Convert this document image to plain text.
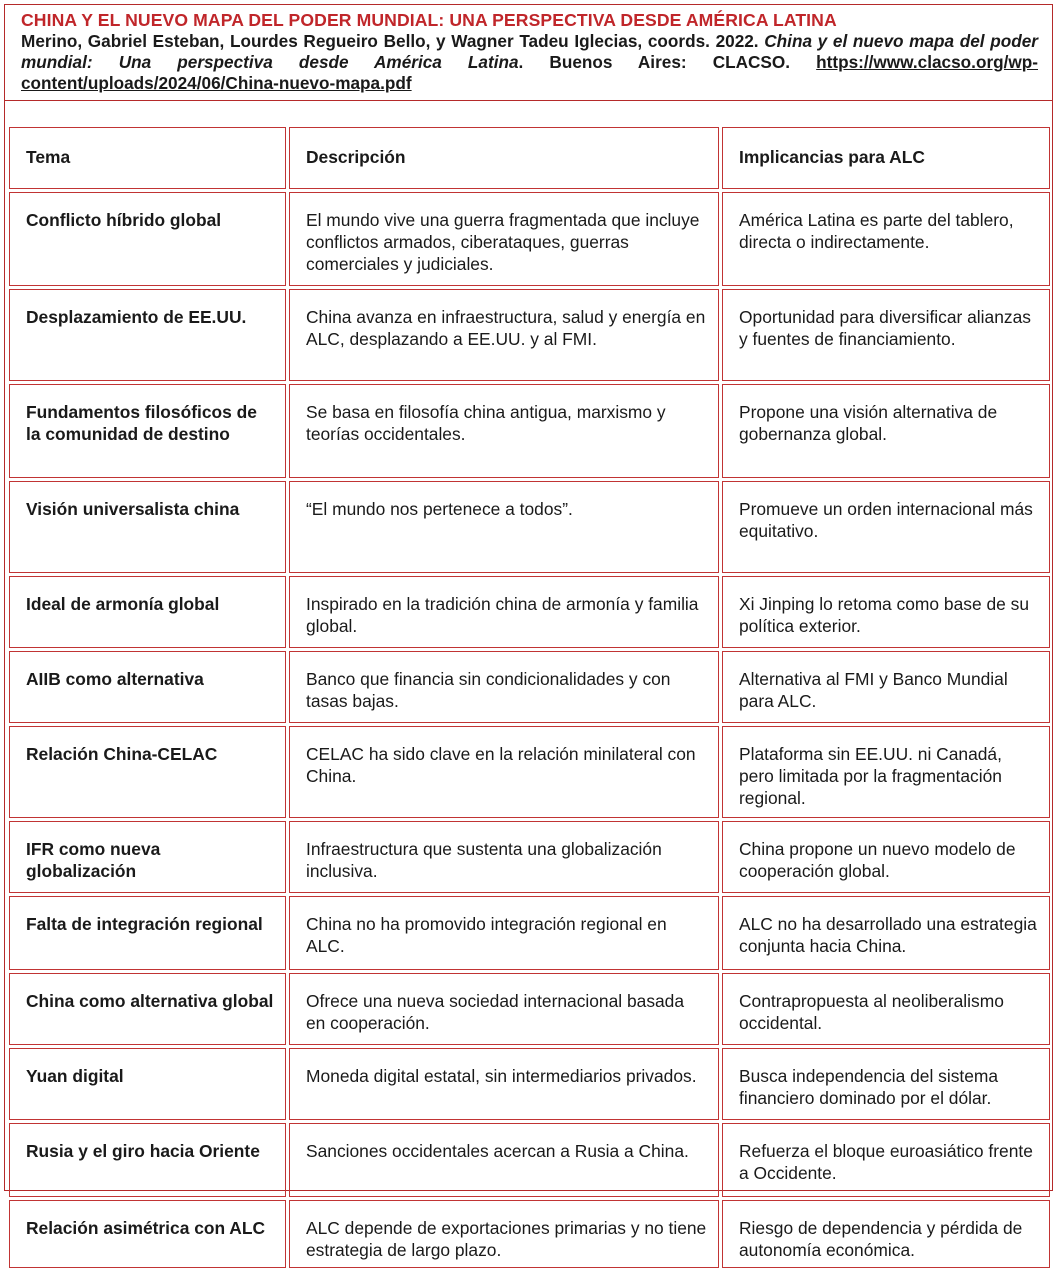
CHINA Y EL NUEVO MAPA DEL PODER MUNDIAL: UNA PERSPECTIVA DESDE AMÉRICA LATINA
Merino, Gabriel Esteban, Lourdes Regueiro Bello, y Wagner Tadeu Iglecias, coords. 2022. China y el nuevo mapa del poder mundial: Una perspectiva desde América Latina. Buenos Aires: CLACSO. https://www.clacso.org/wp-content/uploads/2024/06/China-nuevo-mapa.pdf
Tema	Descripción	Implicancias para ALC
Conflicto híbrido global	El mundo vive una guerra fragmentada que incluye conflictos armados, ciberataques, guerras comerciales y judiciales.	América Latina es parte del tablero, directa o indirectamente.
Desplazamiento de EE.UU.	China avanza en infraestructura, salud y energía en ALC, desplazando a EE.UU. y al FMI.	Oportunidad para diversificar alianzas y fuentes de financiamiento.
Fundamentos filosóficos de la comunidad de destino	Se basa en filosofía china antigua, marxismo y teorías occidentales.	Propone una visión alternativa de gobernanza global.
Visión universalista china	“El mundo nos pertenece a todos”.	Promueve un orden internacional más equitativo.
Ideal de armonía global	Inspirado en la tradición china de armonía y familia global.	Xi Jinping lo retoma como base de su política exterior.
AIIB como alternativa	Banco que financia sin condicionalidades y con tasas bajas.	Alternativa al FMI y Banco Mundial para ALC.
Relación China-CELAC	CELAC ha sido clave en la relación minilateral con China.	Plataforma sin EE.UU. ni Canadá, pero limitada por la fragmentación regional.
IFR como nueva globalización	Infraestructura que sustenta una globalización inclusiva.	China propone un nuevo modelo de cooperación global.
Falta de integración regional	China no ha promovido integración regional en ALC.	ALC no ha desarrollado una estrategia conjunta hacia China.
China como alternativa global	Ofrece una nueva sociedad internacional basada en cooperación.	Contrapropuesta al neoliberalismo occidental.
Yuan digital	Moneda digital estatal, sin intermediarios privados.	Busca independencia del sistema financiero dominado por el dólar.
Rusia y el giro hacia Oriente	Sanciones occidentales acercan a Rusia a China.	Refuerza el bloque euroasiático frente a Occidente.
Relación asimétrica con ALC	ALC depende de exportaciones primarias y no tiene estrategia de largo plazo.	Riesgo de dependencia y pérdida de autonomía económica.
